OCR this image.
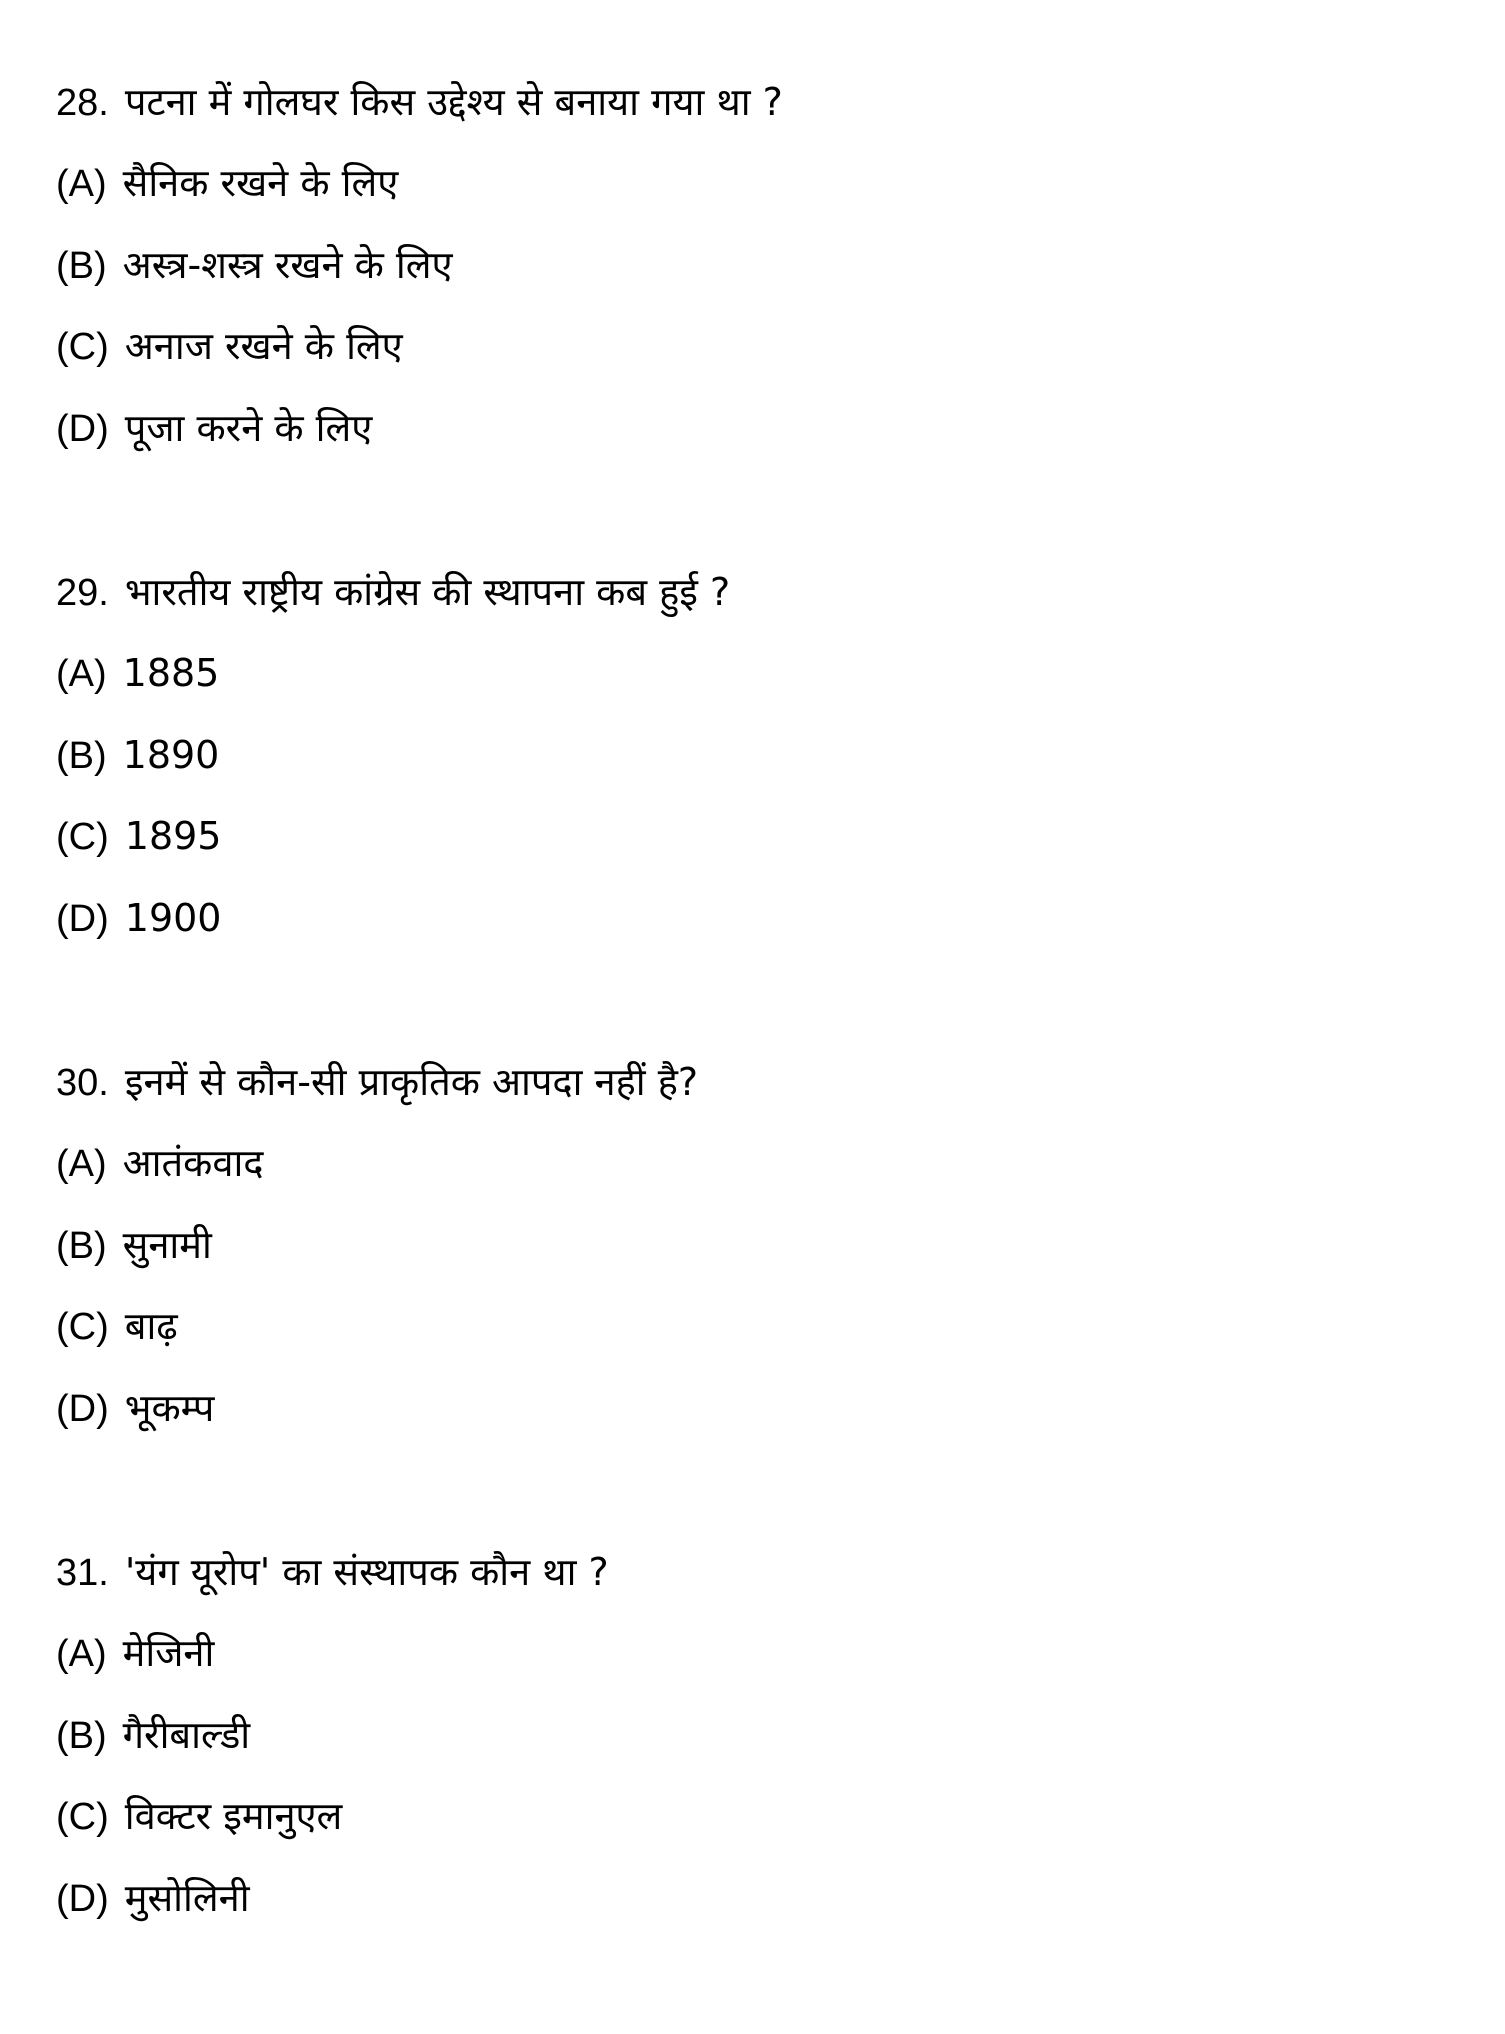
28. पटना में गोलघर किस उद्देश्य से बनाया गया था ?
(A) सैनिक रखने के लिए
(B) अस्त्र-शस्त्र रखने के लिए
(C) अनाज रखने के लिए
(D) पूजा करने के लिए
29. भारतीय राष्ट्रीय कांग्रेस की स्थापना कब हुई ?
(A) 1885
(B) 1890
(C) 1895
(D) 1900
30. इनमें से कौन-सी प्राकृतिक आपदा नहीं है?
(A) आतंकवाद
(B) सुनामी
(C) बाढ़
(D) भूकम्प
31. 'यंग यूरोप' का संस्थापक कौन था ?
(A) मेजिनी
(B) गैरीबाल्डी
(C) विक्टर इमानुएल
(D) मुसोलिनी
